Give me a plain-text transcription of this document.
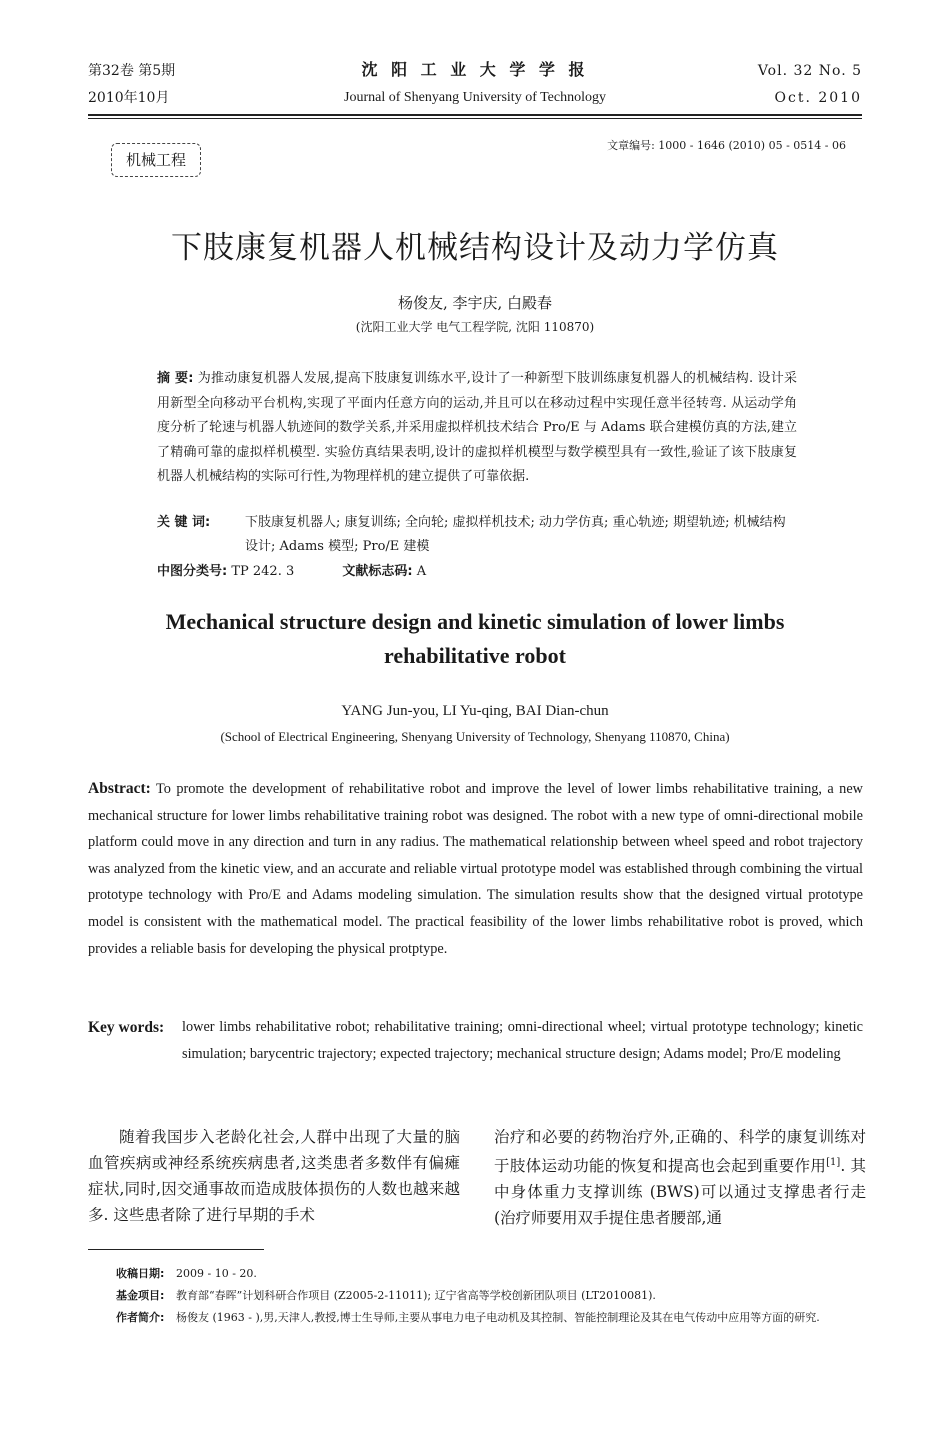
第32卷 第5期
2010年10月
沈 阳 工 业 大 学 学 报
Journal of Shenyang University of Technology
Vol. 32 No. 5
Oct. 2010
机械工程
文章编号: 1000 - 1646 (2010) 05 - 0514 - 06
下肢康复机器人机械结构设计及动力学仿真
杨俊友, 李宇庆, 白殿春
(沈阳工业大学 电气工程学院, 沈阳 110870)
摘 要: 为推动康复机器人发展,提高下肢康复训练水平,设计了一种新型下肢训练康复机器人的机械结构. 设计采用新型全向移动平台机构,实现了平面内任意方向的运动,并且可以在移动过程中实现任意半径转弯. 从运动学角度分析了轮速与机器人轨迹间的数学关系,并采用虚拟样机技术结合 Pro/E 与 Adams 联合建模仿真的方法,建立了精确可靠的虚拟样机模型. 实验仿真结果表明,设计的虚拟样机模型与数学模型具有一致性,验证了该下肢康复机器人机械结构的实际可行性,为物理样机的建立提供了可靠依据.
关 键 词:	下肢康复机器人; 康复训练; 全向轮; 虚拟样机技术; 动力学仿真; 重心轨迹; 期望轨迹; 机械结构设计; Adams 模型; Pro/E 建模
中图分类号: TP 242. 3	文献标志码: A
Mechanical structure design and kinetic simulation of lower limbs rehabilitative robot
YANG Jun-you, LI Yu-qing, BAI Dian-chun
(School of Electrical Engineering, Shenyang University of Technology, Shenyang 110870, China)
Abstract: To promote the development of rehabilitative robot and improve the level of lower limbs rehabilitative training, a new mechanical structure for lower limbs rehabilitative training robot was designed. The robot with a new type of omni-directional mobile platform could move in any direction and turn in any radius. The mathematical relationship between wheel speed and robot trajectory was analyzed from the kinetic view, and an accurate and reliable virtual prototype model was established through combining the virtual prototype technology with Pro/E and Adams modeling simulation. The simulation results show that the designed virtual prototype model is consistent with the mathematical model. The practical feasibility of the lower limbs rehabilitative robot is proved, which provides a reliable basis for developing the physical protptype.
Key words: lower limbs rehabilitative robot; rehabilitative training; omni-directional wheel; virtual prototype technology; kinetic simulation; barycentric trajectory; expected trajectory; mechanical structure design; Adams model; Pro/E modeling
随着我国步入老龄化社会,人群中出现了大量的脑血管疾病或神经系统疾病患者,这类患者多数伴有偏瘫症状,同时,因交通事故而造成肢体损伤的人数也越来越多. 这些患者除了进行早期的手术
治疗和必要的药物治疗外,正确的、科学的康复训练对于肢体运动功能的恢复和提高也会起到重要作用[1]. 其中身体重力支撑训练 (BWS)可以通过支撑患者行走 (治疗师要用双手提住患者腰部,通
收稿日期: 2009 - 10 - 20.
基金项目: 教育部“春晖”计划科研合作项目 (Z2005-2-11011); 辽宁省高等学校创新团队项目 (LT2010081).
作者简介: 杨俊友 (1963 - ),男,天津人,教授,博士生导师,主要从事电力电子电动机及其控制、智能控制理论及其在电气传动中应用等方面的研究.
